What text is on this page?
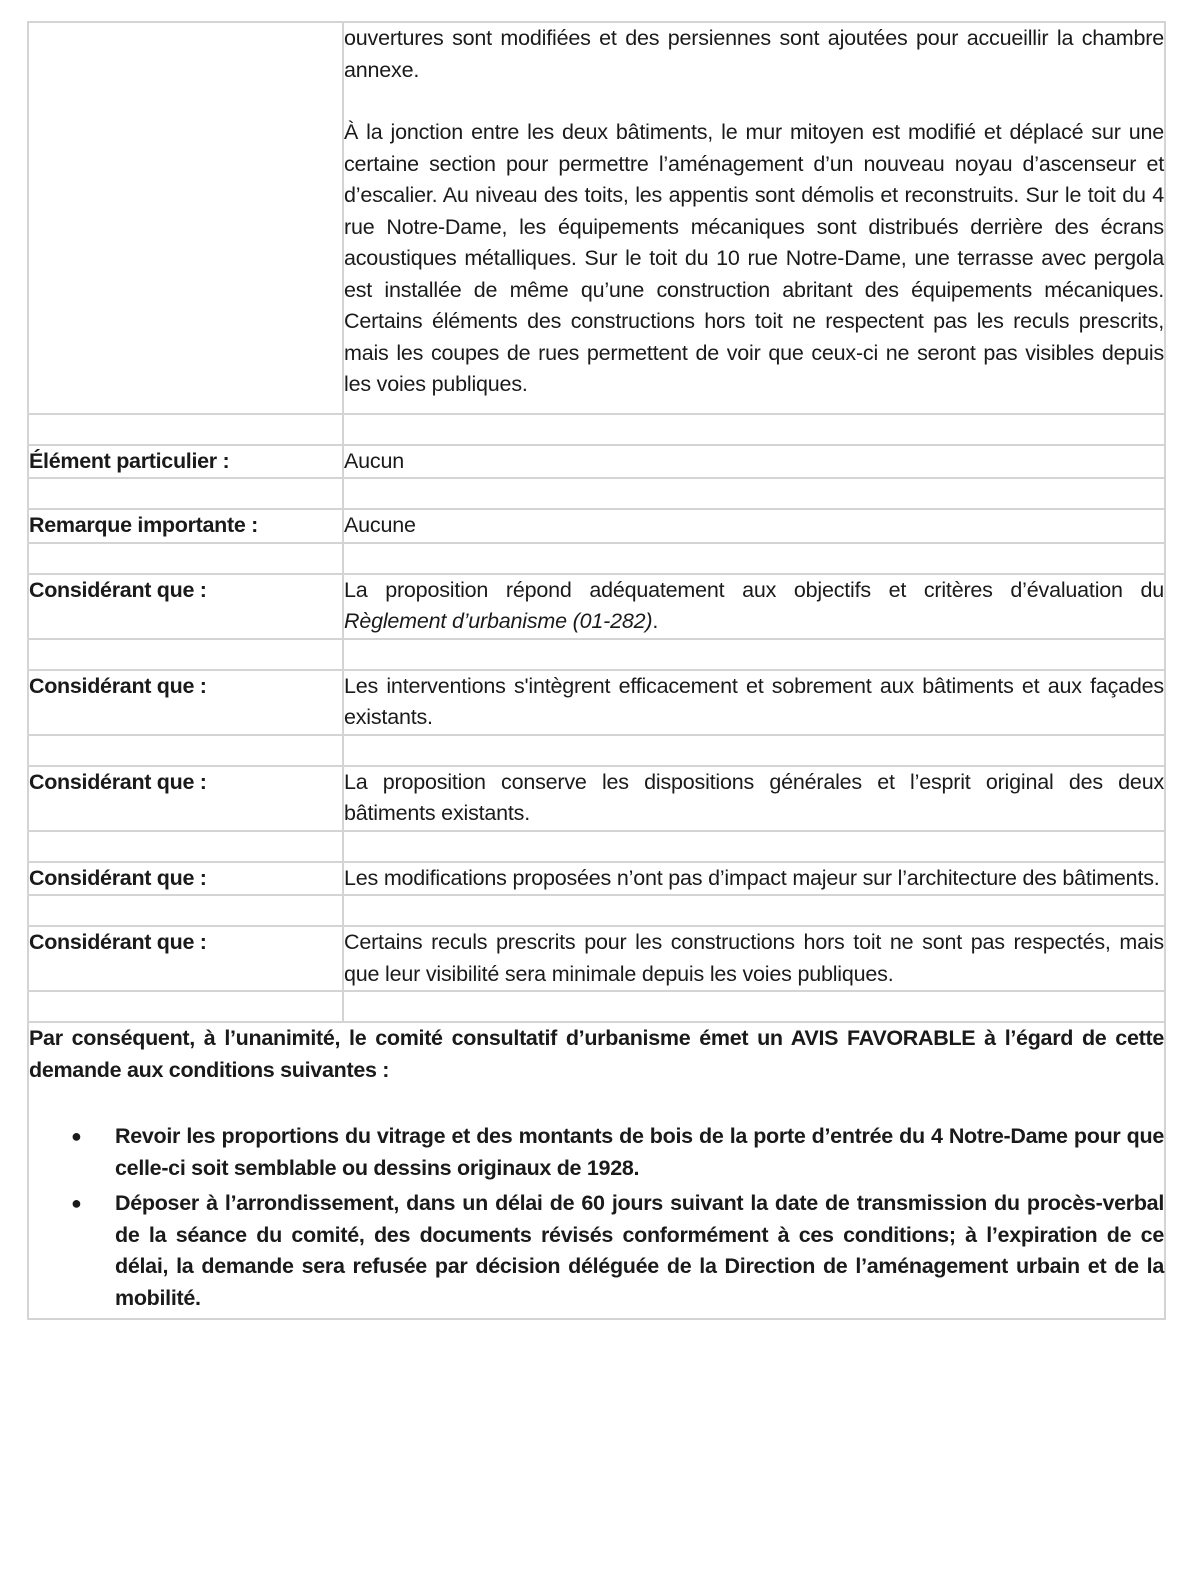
	ouvertures sont modifiées et des persiennes sont ajoutées pour accueillir la chambre annexe.
À la jonction entre les deux bâtiments, le mur mitoyen est modifié et déplacé sur une certaine section pour permettre l’aménagement d’un nouveau noyau d’ascenseur et d’escalier. Au niveau des toits, les appentis sont démolis et reconstruits. Sur le toit du 4 rue Notre-Dame, les équipements mécaniques sont distribués derrière des écrans acoustiques métalliques. Sur le toit du 10 rue Notre-Dame, une terrasse avec pergola est installée de même qu’une construction abritant des équipements mécaniques. Certains éléments des constructions hors toit ne respectent pas les reculs prescrits, mais les coupes de rues permettent de voir que ceux-ci ne seront pas visibles depuis les voies publiques.

Élément particulier :	Aucun

Remarque importante :	Aucune

Considérant que :	La proposition répond adéquatement aux objectifs et critères d’évaluation du Règlement d’urbanisme (01-282).

Considérant que :	Les interventions s'intègrent efficacement et sobrement aux bâtiments et aux façades existants.

Considérant que :	La proposition conserve les dispositions générales et l’esprit original des deux bâtiments existants.

Considérant que :	Les modifications proposées n’ont pas d’impact majeur sur l’architecture des bâtiments.

Considérant que :	Certains reculs prescrits pour les constructions hors toit ne sont pas respectés, mais que leur visibilité sera minimale depuis les voies publiques.

Par conséquent, à l’unanimité, le comité consultatif d’urbanisme émet un AVIS FAVORABLE à l’égard de cette demande aux conditions suivantes :

● Revoir les proportions du vitrage et des montants de bois de la porte d’entrée du 4 Notre-Dame pour que celle-ci soit semblable ou dessins originaux de 1928.
● Déposer à l’arrondissement, dans un délai de 60 jours suivant la date de transmission du procès-verbal de la séance du comité, des documents révisés conformément à ces conditions; à l’expiration de ce délai, la demande sera refusée par décision déléguée de la Direction de l’aménagement urbain et de la mobilité.
